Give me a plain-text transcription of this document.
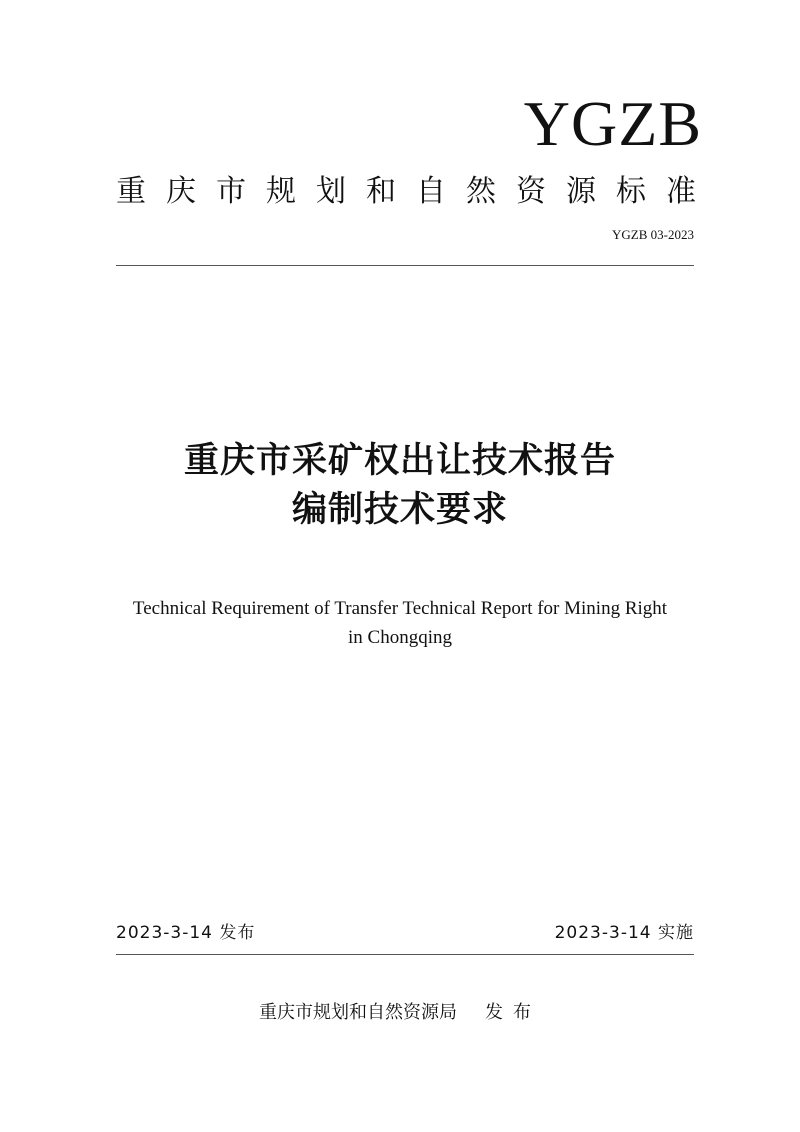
YGZB
重庆市规划和自然资源标准
YGZB 03-2023
重庆市采矿权出让技术报告
编制技术要求
Technical Requirement of Transfer Technical Report for Mining Right
in Chongqing
2023-3-14 发布	2023-3-14 实施
重庆市规划和自然资源局 发布
